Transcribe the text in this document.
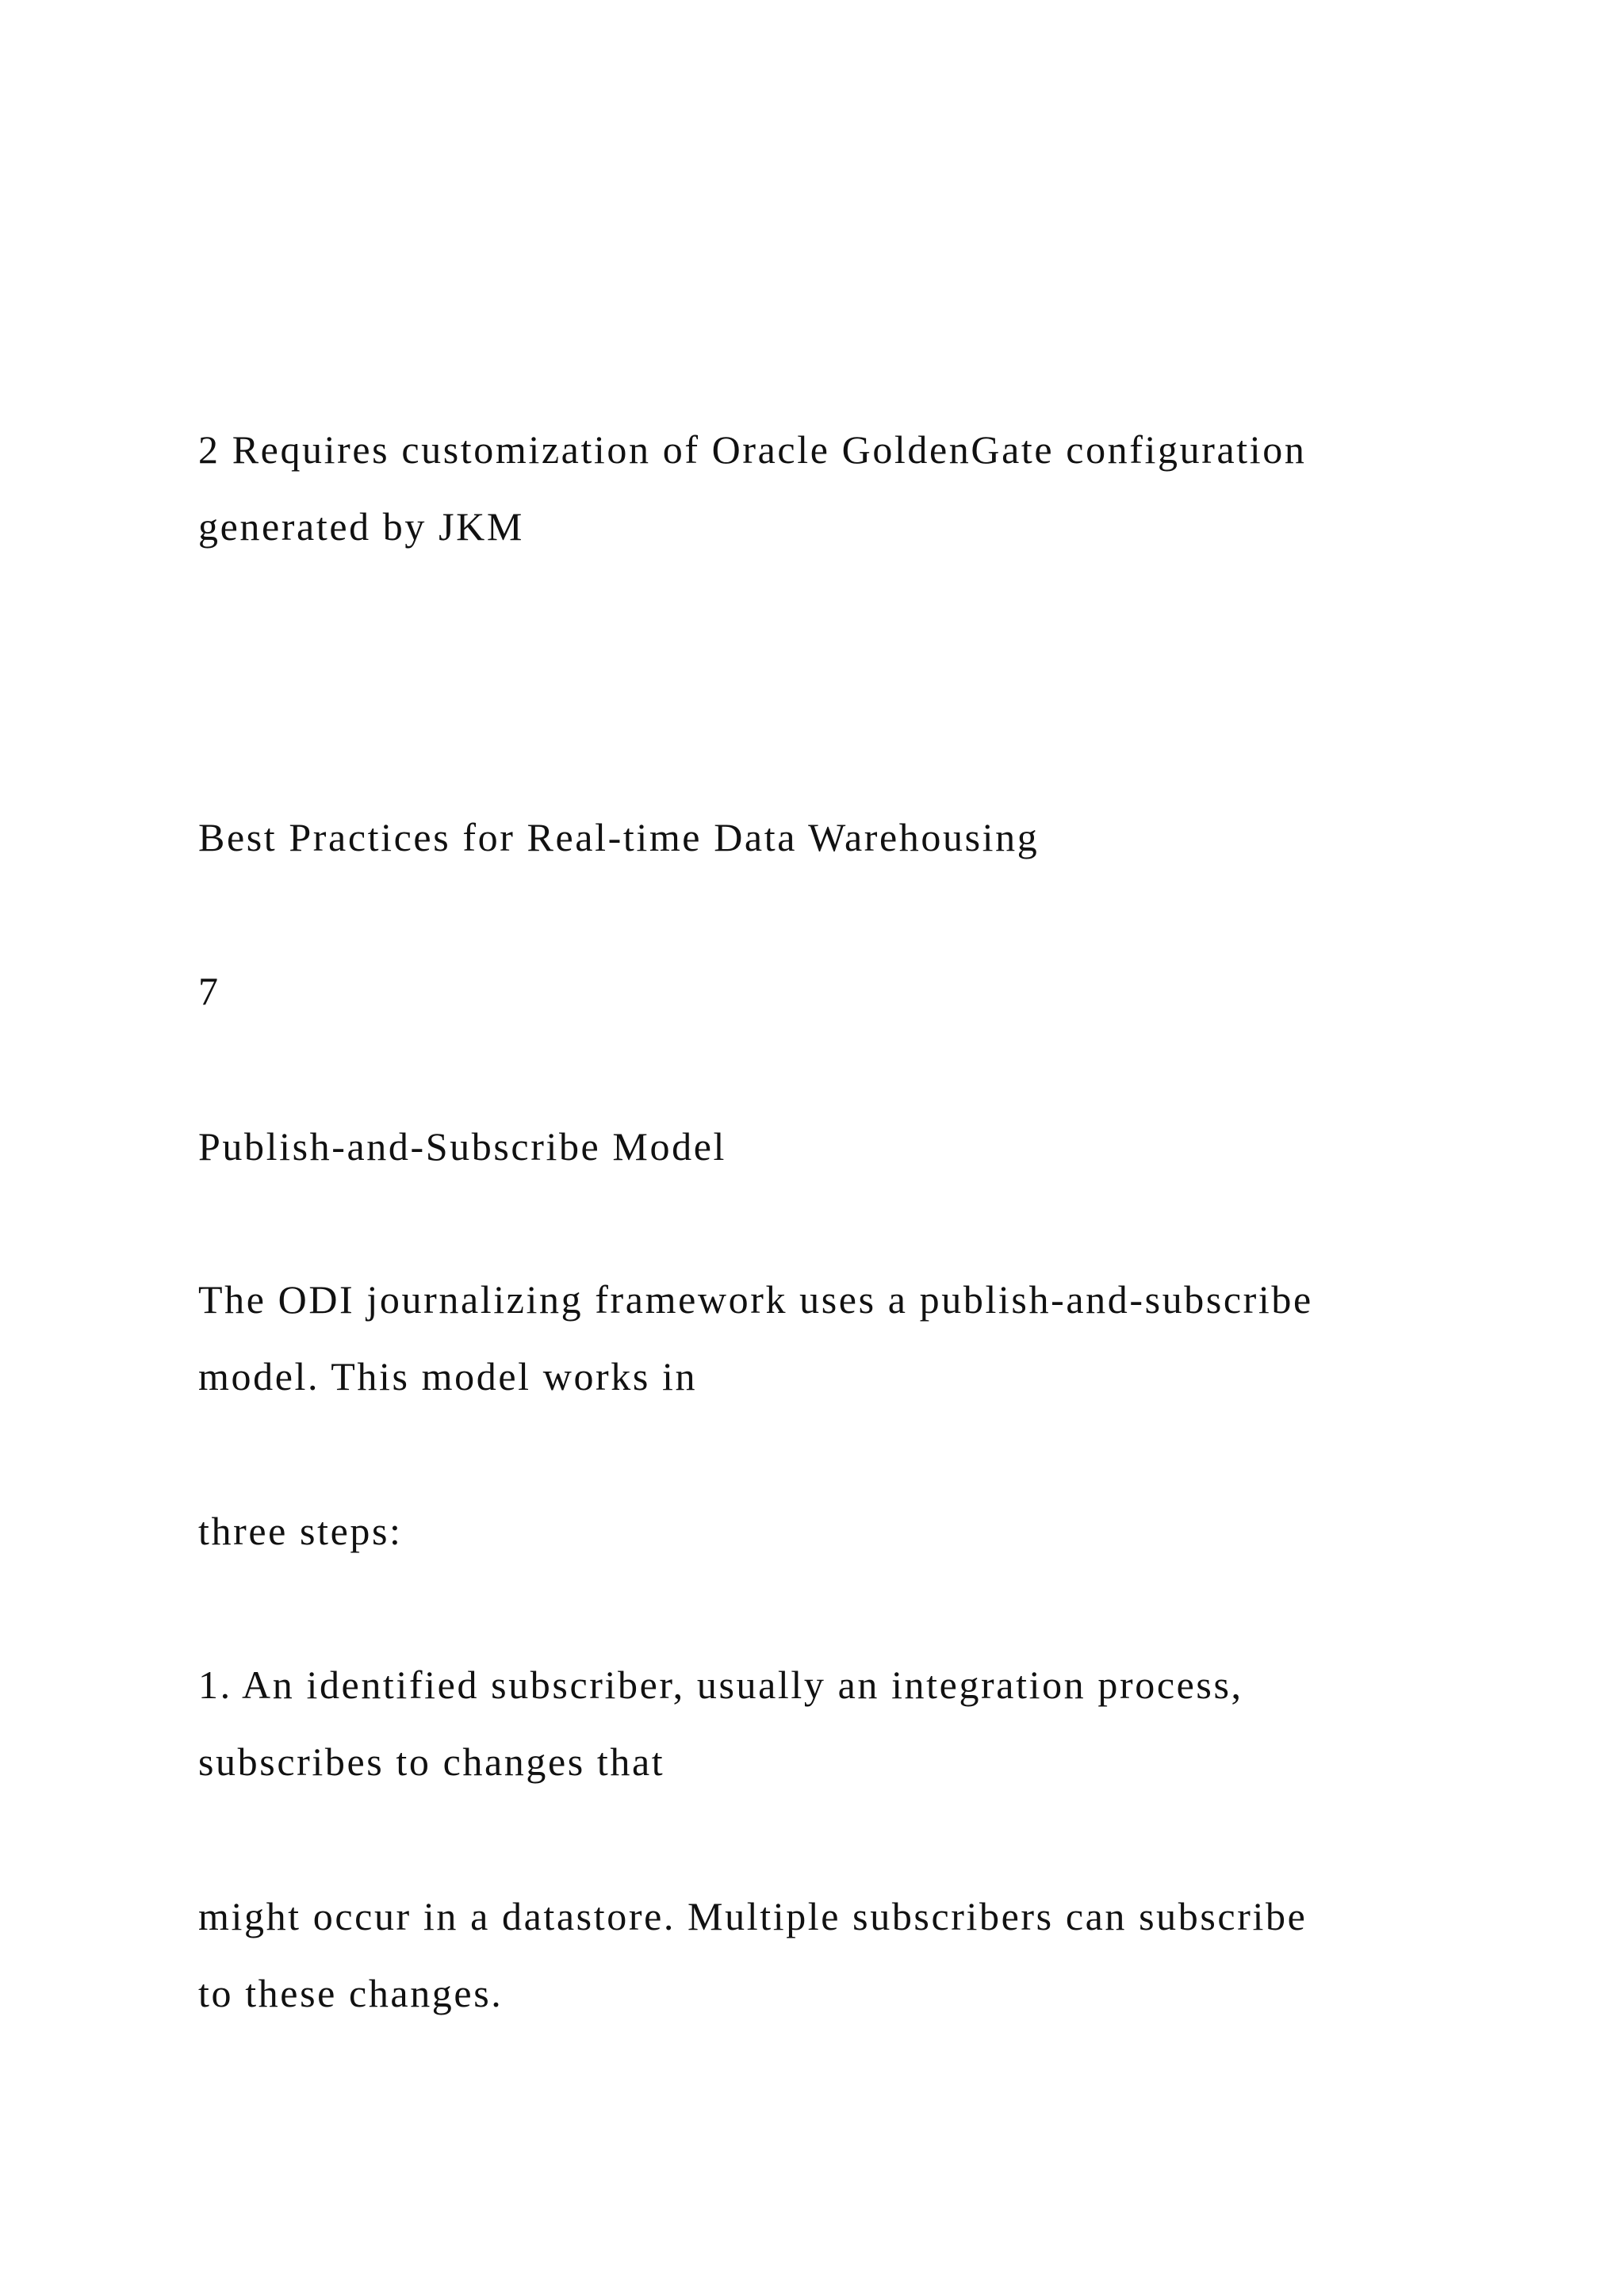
2 Requires customization of Oracle GoldenGate configuration

generated by JKM

Best Practices for Real-time Data Warehousing

7

Publish-and-Subscribe Model

The ODI journalizing framework uses a publish-and-subscribe

model. This model works in

three steps:

1. An identified subscriber, usually an integration process,

subscribes to changes that

might occur in a datastore. Multiple subscribers can subscribe

to these changes.
